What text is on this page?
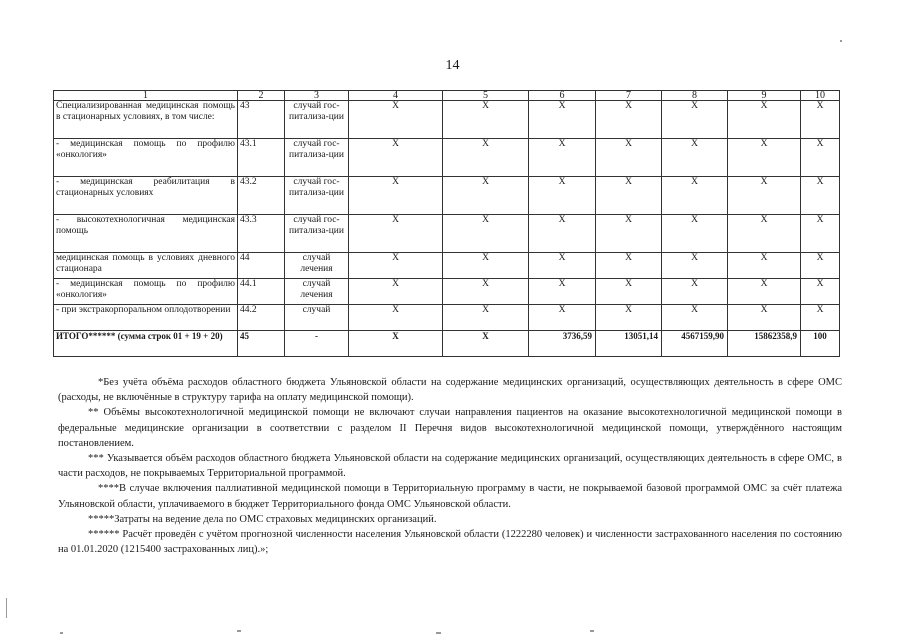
14
1	2	3	4	5	6	7	8	9	10
Специализированная медицинская помощь в стационарных условиях, в том числе:	43	случай гос-питализа-ции	Х	Х	Х	Х	Х	Х	Х
- медицинская помощь по профилю «онкология»	43.1	случай гос-питализа-ции	Х	Х	Х	Х	Х	Х	Х
- медицинская реабилитация в стационарных условиях	43.2	случай гос-питализа-ции	Х	Х	Х	Х	Х	Х	Х
- высокотехнологичная медицинская помощь	43.3	случай гос-питализа-ции	Х	Х	Х	Х	Х	Х	Х
медицинская помощь в условиях дневного стационара	44	случай лечения	Х	Х	Х	Х	Х	Х	Х
- медицинская помощь по профилю «онкология»	44.1	случай лечения	Х	Х	Х	Х	Х	Х	Х
- при экстракорпоральном оплодотворении	44.2	случай	Х	Х	Х	Х	Х	Х	Х
ИТОГО****** (сумма строк 01 + 19 + 20)	45	-	Х	Х	3736,59	13051,14	4567159,90	15862358,9	100

*Без учёта объёма расходов областного бюджета Ульяновской области на содержание медицинских организаций, осуществляющих деятельность в сфере ОМС (расходы, не включённые в структуру тарифа на оплату медицинской помощи).

** Объёмы высокотехнологичной медицинской помощи не включают случаи направления пациентов на оказание высокотехнологичной медицинской помощи в федеральные медицинские организации в соответствии с разделом II Перечня видов высокотехнологичной медицинской помощи, утверждённого настоящим постановлением.

*** Указывается объём расходов областного бюджета Ульяновской области на содержание медицинских организаций, осуществляющих деятельность в сфере ОМС, в части расходов, не покрываемых Территориальной программой.

****В случае включения паллиативной медицинской помощи в Территориальную программу в части, не покрываемой базовой программой ОМС за счёт платежа Ульяновской области, уплачиваемого в бюджет Территориального фонда ОМС Ульяновской области.

*****Затраты на ведение дела по ОМС страховых медицинских организаций.

****** Расчёт проведён с учётом прогнозной численности населения Ульяновской области (1222280 человек) и численности застрахованного населения по состоянию на 01.01.2020 (1215400 застрахованных лиц).»;
